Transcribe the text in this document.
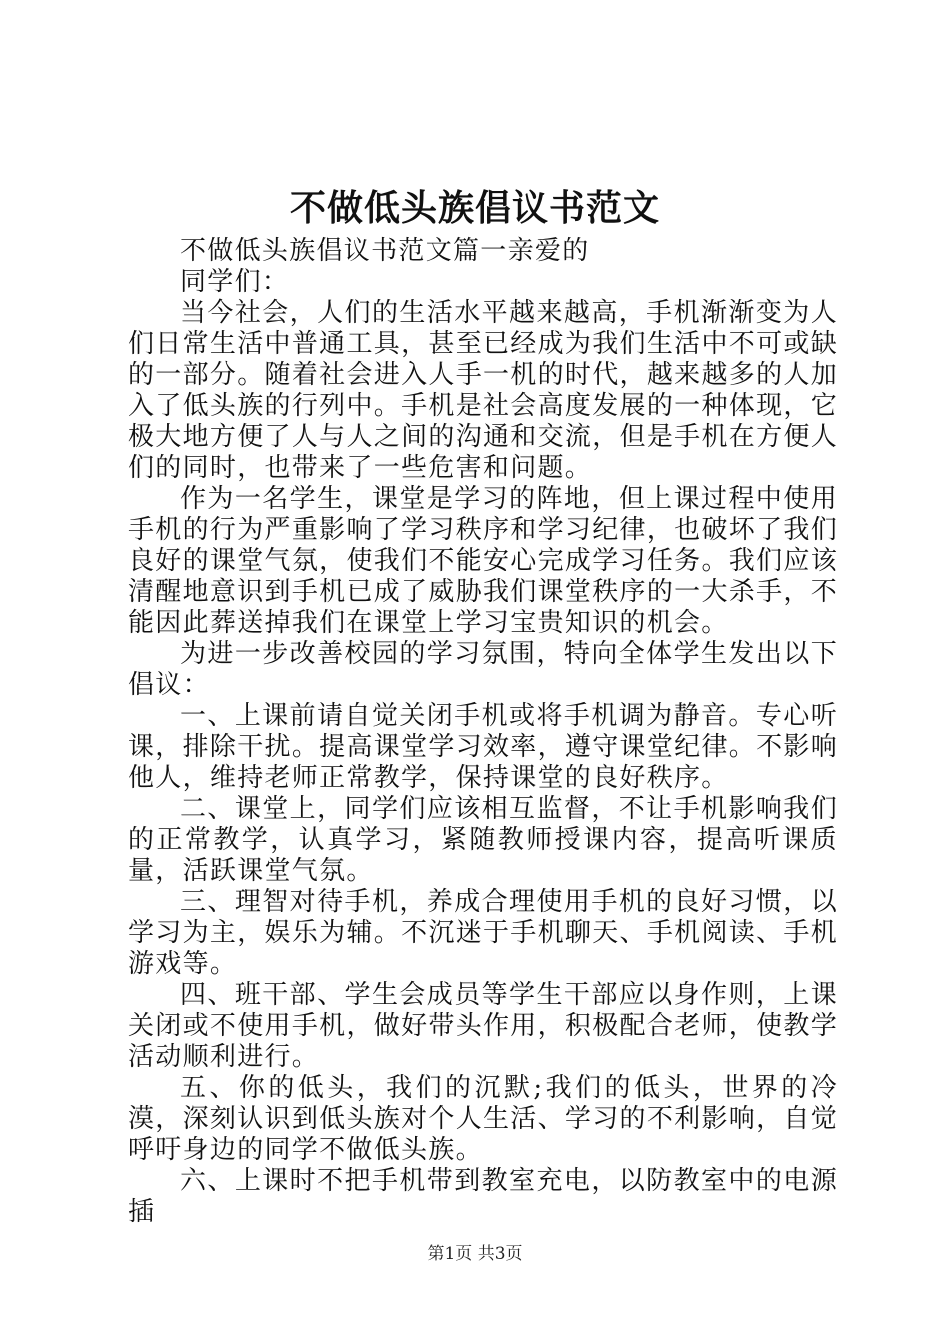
不做低头族倡议书范文

不做低头族倡议书范文篇一亲爱的

同学们：

当今社会，人们的生活水平越来越高，手机渐渐变为人们日常生活中普通工具，甚至已经成为我们生活中不可或缺的一部分。随着社会进入人手一机的时代，越来越多的人加入了低头族的行列中。手机是社会高度发展的一种体现，它极大地方便了人与人之间的沟通和交流，但是手机在方便人们的同时，也带来了一些危害和问题。

作为一名学生，课堂是学习的阵地，但上课过程中使用手机的行为严重影响了学习秩序和学习纪律，也破坏了我们良好的课堂气氛，使我们不能安心完成学习任务。我们应该清醒地意识到手机已成了威胁我们课堂秩序的一大杀手，不能因此葬送掉我们在课堂上学习宝贵知识的机会。

为进一步改善校园的学习氛围，特向全体学生发出以下倡议：

一、上课前请自觉关闭手机或将手机调为静音。专心听课，排除干扰。提高课堂学习效率，遵守课堂纪律。不影响他人，维持老师正常教学，保持课堂的良好秩序。

二、课堂上，同学们应该相互监督，不让手机影响我们的正常教学，认真学习，紧随教师授课内容，提高听课质量，活跃课堂气氛。

三、理智对待手机，养成合理使用手机的良好习惯，以学习为主，娱乐为辅。不沉迷于手机聊天、手机阅读、手机游戏等。

四、班干部、学生会成员等学生干部应以身作则，上课关闭或不使用手机，做好带头作用，积极配合老师，使教学活动顺利进行。

五、你的低头，我们的沉默;我们的低头，世界的冷漠，深刻认识到低头族对个人生活、学习的不利影响，自觉呼吁身边的同学不做低头族。

六、上课时不把手机带到教室充电，以防教室中的电源插

第1页 共3页
